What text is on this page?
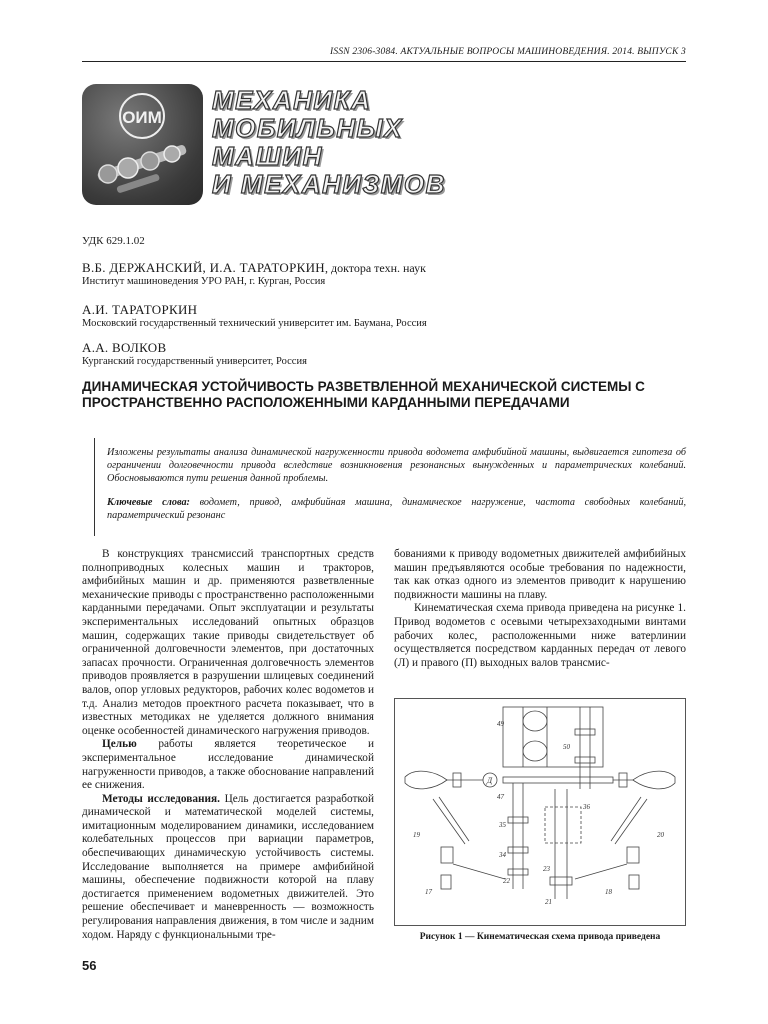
ISSN 2306-3084. АКТУАЛЬНЫЕ ВОПРОСЫ МАШИНОВЕДЕНИЯ. 2014. ВЫПУСК 3
ОИМ
МЕХАНИКА
МОБИЛЬНЫХ
МАШИН
И МЕХАНИЗМОВ
УДК 629.1.02
В.Б. ДЕРЖАНСКИЙ, И.А. ТАРАТОРКИН, доктора техн. наук
Институт машиноведения УРО РАН, г. Курган, Россия
А.И. ТАРАТОРКИН
Московский государственный технический университет им. Баумана, Россия
А.А. ВОЛКОВ
Курганский государственный университет, Россия
ДИНАМИЧЕСКАЯ УСТОЙЧИВОСТЬ РАЗВЕТВЛЕННОЙ МЕХАНИЧЕСКОЙ СИСТЕМЫ С ПРОСТРАНСТВЕННО РАСПОЛОЖЕННЫМИ КАРДАННЫМИ ПЕРЕДАЧАМИ

Изложены результаты анализа динамической нагруженности привода водомета амфибийной машины, выдвигается гипотеза об ограничении долговечности привода вследствие возникновения резонансных вынужденных и параметрических колебаний. Обосновываются пути решения данной проблемы.

Ключевые слова: водомет, привод, амфибийная машина, динамическое нагружение, частота свободных колебаний, параметрический резонанс

В конструкциях трансмиссий транспортных средств полноприводных колесных машин и тракторов, амфибийных машин и др. применяются разветвленные механические приводы с пространственно расположенными карданными передачами. Опыт эксплуатации и результаты экспериментальных исследований опытных образцов машин, содержащих такие приводы свидетельствует об ограниченной долговечности элементов, при достаточных запасах прочности. Ограниченная долговечность элементов приводов проявляется в разрушении шлицевых соединений валов, опор угловых редукторов, рабочих колес водометов и т.д. Анализ методов проектного расчета показывает, что в известных методиках не уделяется должного внимания оценке особенностей динамического нагружения приводов.

Целью работы является теоретическое и экспериментальное исследование динамической нагруженности приводов, а также обоснование направлений ее снижения.

Методы исследования. Цель достигается разработкой динамической и математической моделей системы, имитационным моделированием динамики, исследованием колебательных процессов при вариации параметров, обеспечивающих динамическую устойчивость системы. Исследование выполняется на примере амфибийной машины, обеспечение подвижности которой на плаву достигается применением водометных движителей. Это решение обеспечивает и маневренность — возможность регулирования направления движения, в том числе и задним ходом. Наряду с функциональными тре-

бованиями к приводу водометных движителей амфибийных машин предъявляются особые требования по надежности, так как отказ одного из элементов приводит к нарушению подвижности машины на плаву.

Кинематическая схема привода приведена на рисунке 1. Привод водометов с осевыми четырехзаходными винтами рабочих колес, расположенными ниже ватерлинии осуществляется посредством карданных передач от левого (Л) и правого (П) выходных валов трансмис-

49
50
Д
47
36
35
34
19
22
23
20
17	18
21
Рисунок 1 — Кинематическая схема привода приведена
56
